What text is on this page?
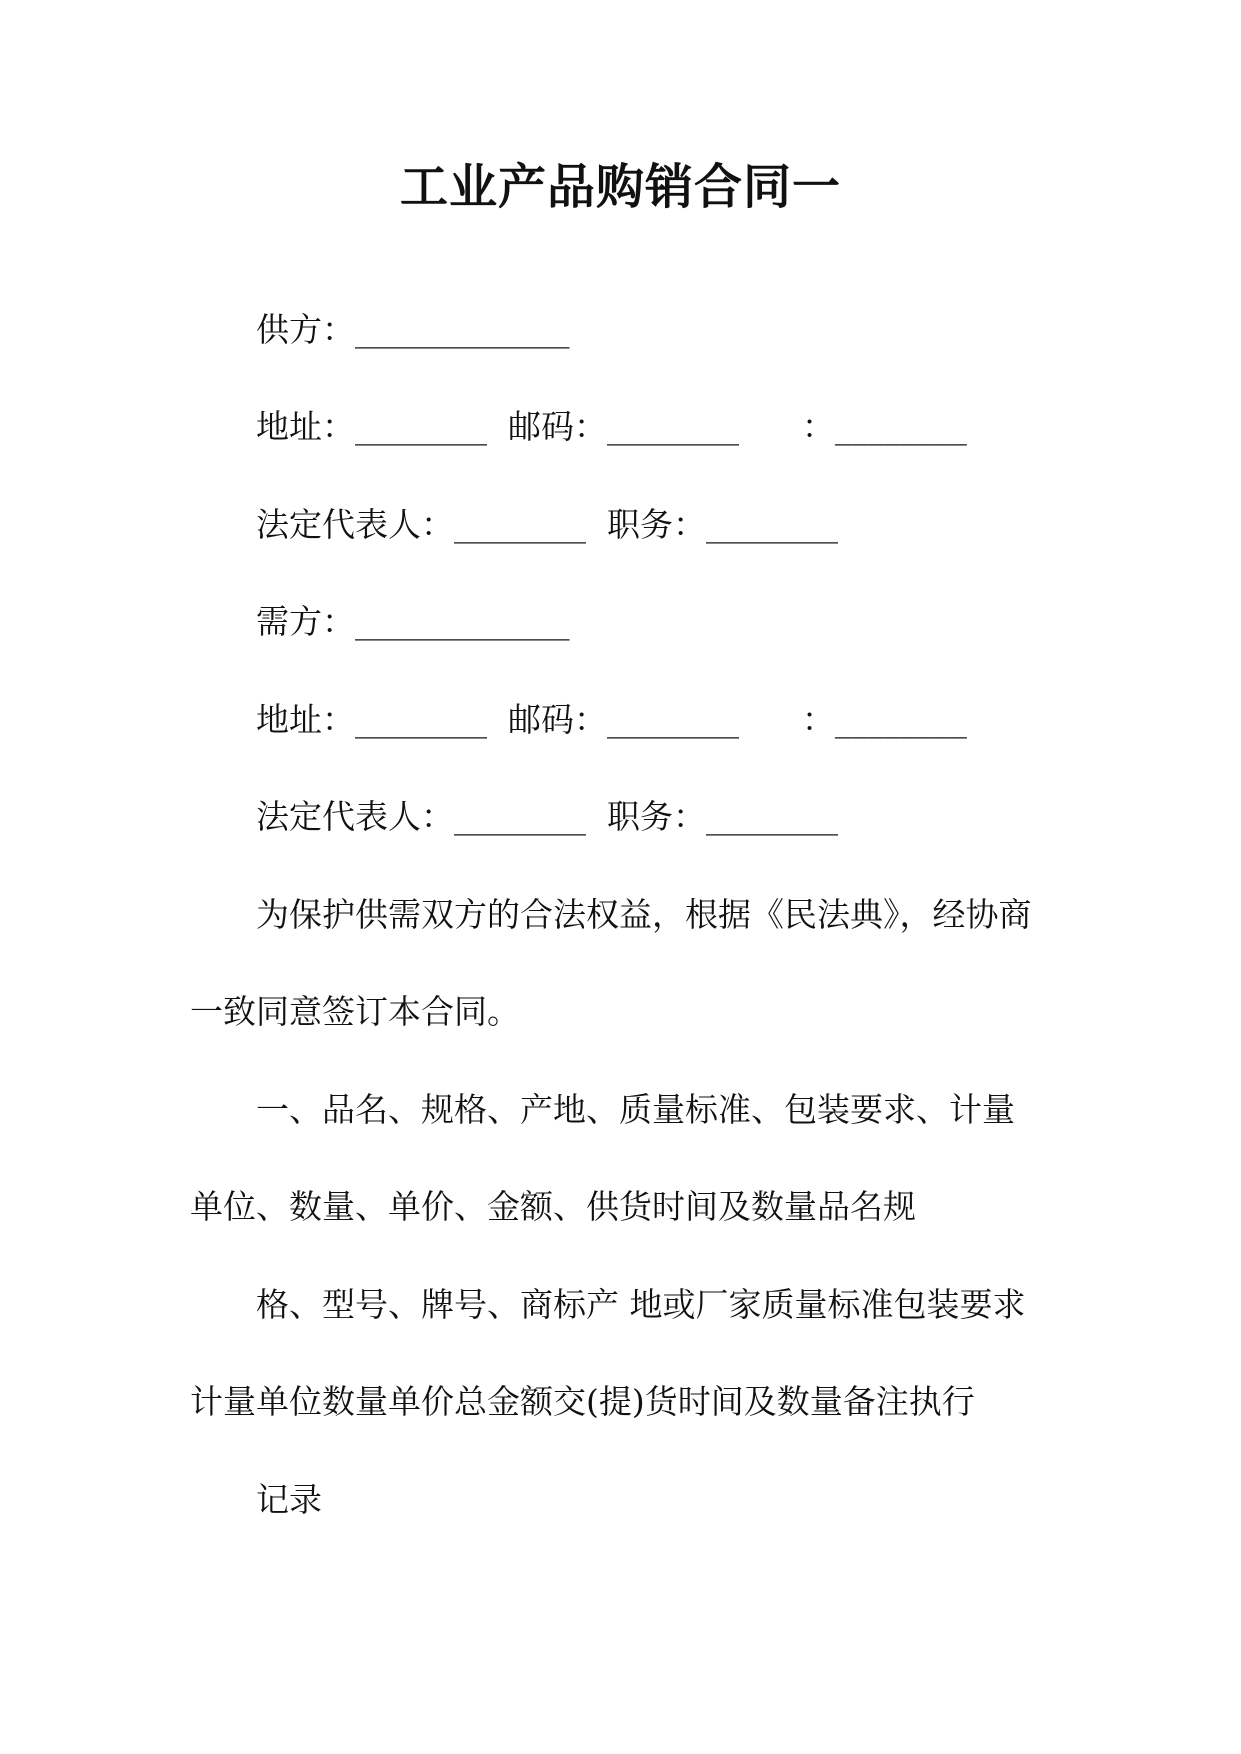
工业产品购销合同一
供方：_____________
地址：________  邮码：________      ：________
法定代表人：________  职务：________
需方：_____________
地址：________  邮码：________      ：________
法定代表人：________  职务：________
为保护供需双方的合法权益，根据《民法典》，经协商
一致同意签订本合同。
一、品名、规格、产地、质量标准、包装要求、计量
单位、数量、单价、金额、供货时间及数量品名规
格、型号、牌号、商标产 地或厂家质量标准包装要求
计量单位数量单价总金额交(提)货时间及数量备注执行
记录
